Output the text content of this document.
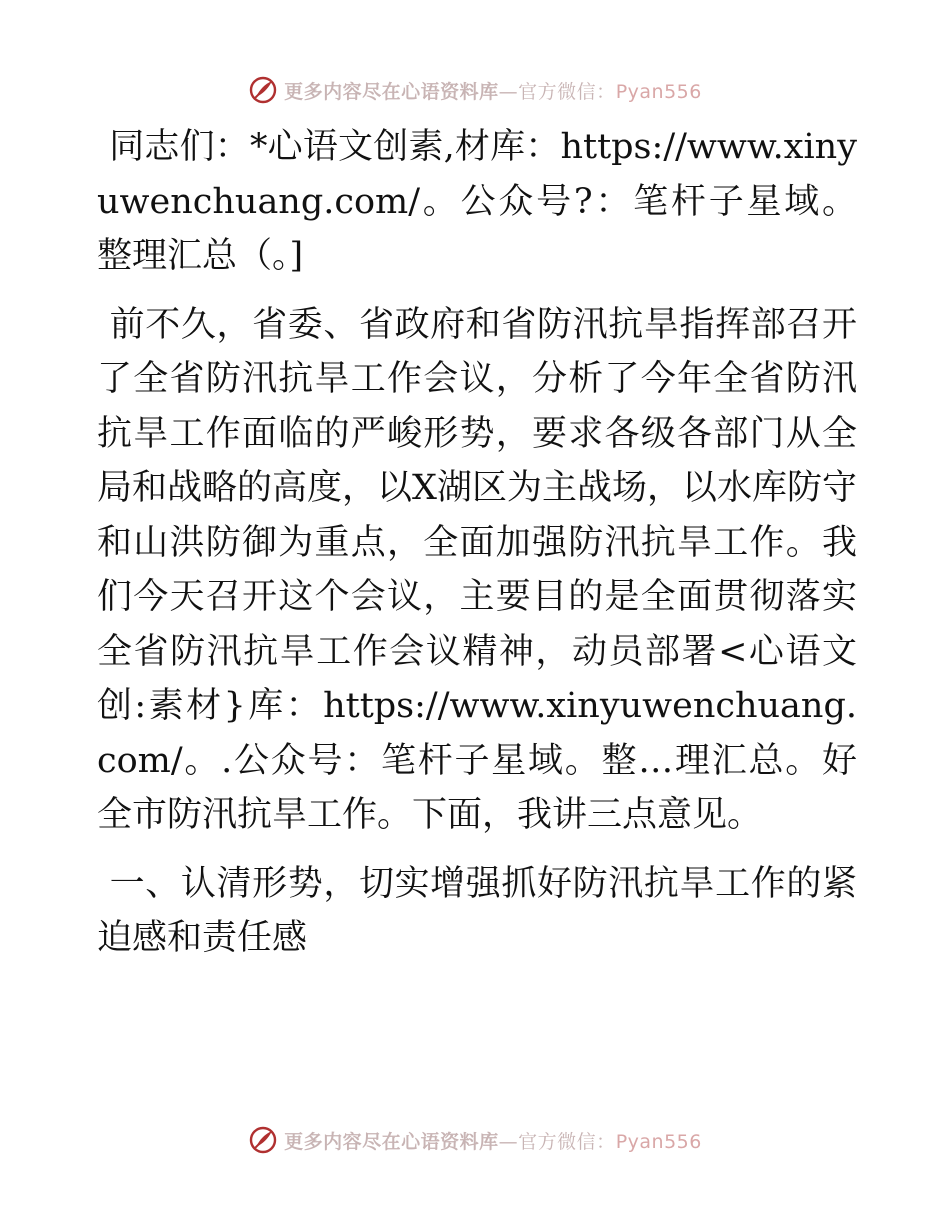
更多内容尽在心语资料库—官方微信：Pyan556

同志们：*心语文创素,材库：https://www.xinyuwenchuang.com/。公众号?：笔杆子星域。整理汇总（。]

前不久，省委、省政府和省防汛抗旱指挥部召开了全省防汛抗旱工作会议，分析了今年全省防汛抗旱工作面临的严峻形势，要求各级各部门从全局和战略的高度，以X湖区为主战场，以水库防守和山洪防御为重点，全面加强防汛抗旱工作。我们今天召开这个会议，主要目的是全面贯彻落实全省防汛抗旱工作会议精神，动员部署<心语文创:素材}库：https://www.xinyuwenchuang.com/。.公众号：笔杆子星域。整…理汇总。好全市防汛抗旱工作。下面，我讲三点意见。

一、认清形势，切实增强抓好防汛抗旱工作的紧迫感和责任感

更多内容尽在心语资料库—官方微信：Pyan556
